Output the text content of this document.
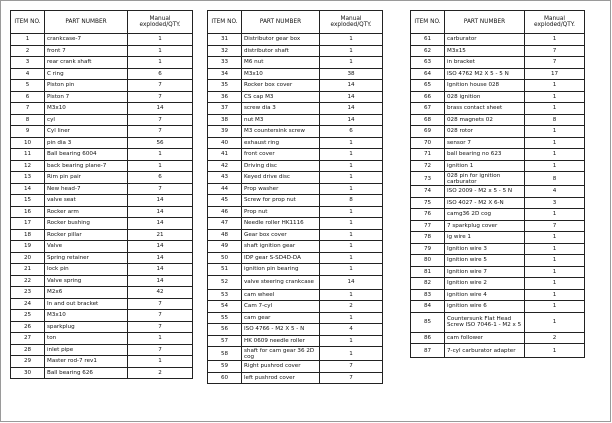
ITEM NO.	PART NUMBER	Manual
exploded/QTY.
1	crankcase-7	1
2	front 7	1
3	rear crank shaft	1
4	C ring	6
5	Piston pin	7
6	Piston 7	7
7	M3x10	14
8	cyl	7
9	Cyl liner	7
10	pin dia 3	56
11	Ball bearing 6004	1
12	back bearing plane-7	1
13	Rim pin pair	6
14	New head-7	7
15	valve seat	14
16	Rocker arm	14
17	Rocker bushing	14
18	Rocker pillar	21
19	Valve	14
20	Spring retainer	14
21	lock pin	14
22	Valve spring	14
23	M2x6	42
24	In and out bracket	7
25	M3x10	7
26	sparkplug	7
27	ton	1
28	inlet pipe	7
29	Master rod-7 rev1	1
30	Ball bearing 626	2
ITEM NO.	PART NUMBER	Manual
exploded/QTY.
31	Distributor gear box	1
32	distributor shaft	1
33	M6 nut	1
34	M3x10	38
35	Rocker box cover	14
36	CS cap M3	14
37	screw dia 3	14
38	nut M3	14
39	M3 countersink screw	6
40	exhaust ring	1
41	front cover	1
42	Driving disc	1
43	Keyed drive disc	1
44	Prop washer	1
45	Screw for prop nut	8
46	Prop nut	1
47	Needle roller HK1116	1
48	Gear box cover	1
49	shaft ignition gear	1
50	IDP gear S-SD4D-DA	1
51	ignition pin bearing	1
52	valve steering crankcase	14
53	cam wheel	1
54	Cam 7-cyl	2
55	cam gear	1
56	ISO 4766 - M2 X 5 - N	4
57	HK 0609 needle roller	1
58	shaft for cam gear 36 2D cog	1
59	Right pushrod cover	7
60	left pushrod cover	7
ITEM NO.	PART NUMBER	Manual
exploded/QTY.
61	carburator	1
62	M3x15	7
63	in bracket	7
64	ISO 4762 M2 X 5 - 5 N	17
65	Ignition house 028	1
66	028 ignition	1
67	brass contact sheet	1
68	028 magnets 02	8
69	028 rotor	1
70	sensor 7	1
71	ball bearing no 623	1
72	ignition 1	1
73	028 pin for ignition carburator	8
74	ISO 2009 - M2 x 5 - 5 N	4
75	ISO 4027 - M2 X 6-N	3
76	camg36 2D cog	1
77	7 sparkplug cover	7
78	ig wire 1	1
79	Ignition wire 3	1
80	Ignition wire 5	1
81	Ignition wire 7	1
82	Ignition wire 2	1
83	ignition wire 4	1
84	ignition wire 6	1
85	Countersunk Flat Head Screw ISO 7046-1 - M2 x 5	1
86	cam follower	2
87	7-cyl carburator adapter	1
